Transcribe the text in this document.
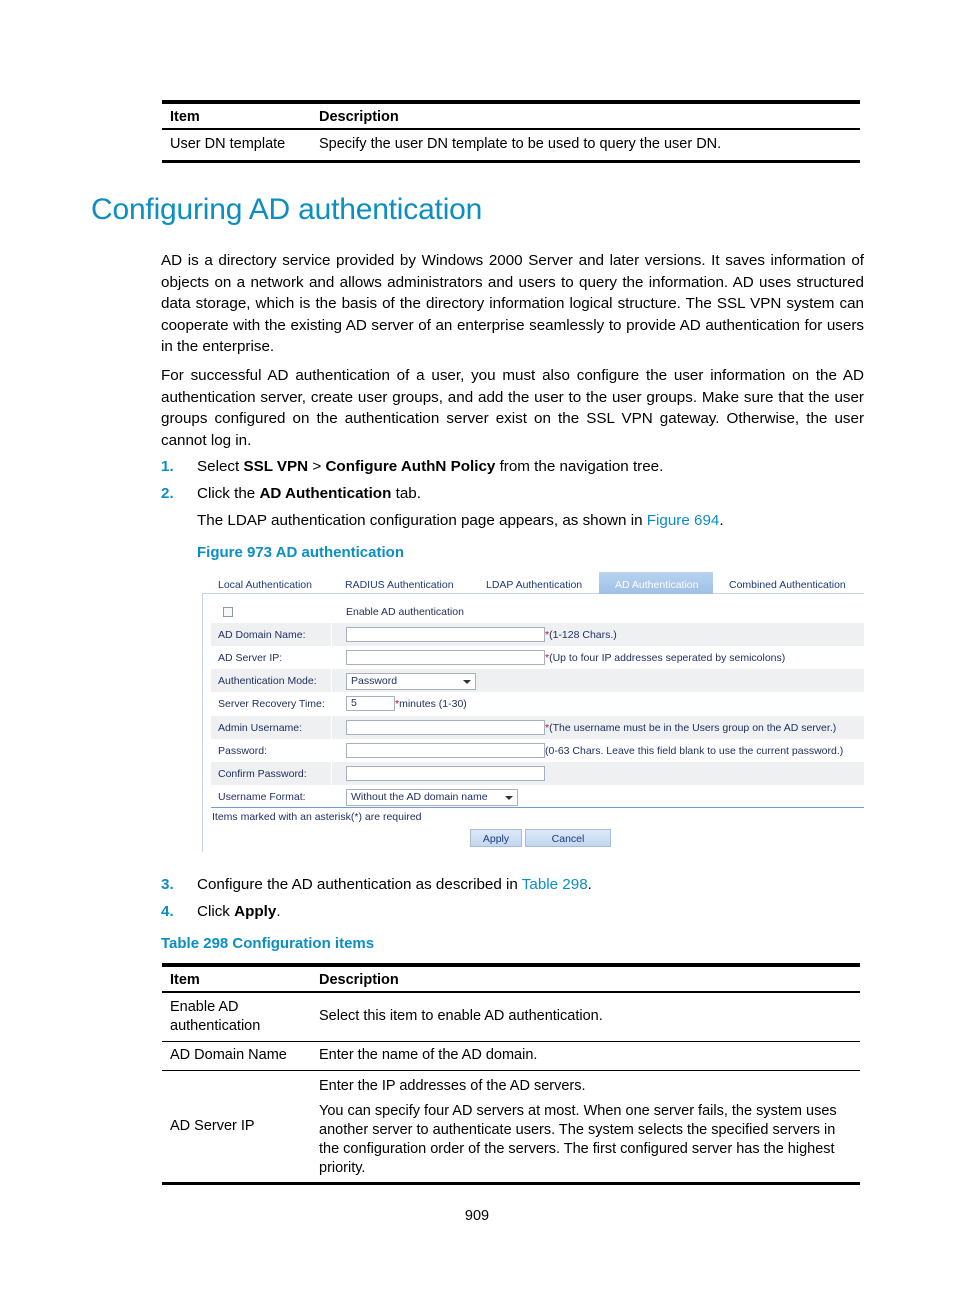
Item	Description
User DN template	Specify the user DN template to be used to query the user DN.
Configuring AD authentication

AD is a directory service provided by Windows 2000 Server and later versions. It saves information of objects on a network and allows administrators and users to query the information. AD uses structured data storage, which is the basis of the directory information logical structure. The SSL VPN system can cooperate with the existing AD server of an enterprise seamlessly to provide AD authentication for users in the enterprise.

For successful AD authentication of a user, you must also configure the user information on the AD authentication server, create user groups, and add the user to the user groups. Make sure that the user groups configured on the authentication server exist on the SSL VPN gateway. Otherwise, the user cannot log in.

1.	Select SSL VPN > Configure AuthN Policy from the navigation tree.
2.	Click the AD Authentication tab.
The LDAP authentication configuration page appears, as shown in Figure 694.
Figure 973 AD authentication
Local Authentication	RADIUS Authentication	LDAP Authentication	AD Authentication	Combined Authentication
Enable AD authentication
AD Domain Name:	*(1-128 Chars.)
AD Server IP:	*(Up to four IP addresses seperated by semicolons)
Authentication Mode:	Password
Server Recovery Time:	5	*minutes (1-30)
Admin Username:	*(The username must be in the Users group on the AD server.)
Password:	(0-63 Chars. Leave this field blank to use the current password.)
Confirm Password:
Username Format:	Without the AD domain name
Items marked with an asterisk(*) are required
Apply	Cancel
3.	Configure the AD authentication as described in Table 298.
4.	Click Apply.
Table 298 Configuration items
Item	Description
Enable AD authentication	Select this item to enable AD authentication.
AD Domain Name	Enter the name of the AD domain.
AD Server IP	Enter the IP addresses of the AD servers.
You can specify four AD servers at most. When one server fails, the system uses another server to authenticate users. The system selects the specified servers in the configuration order of the servers. The first configured server has the highest priority.
909
